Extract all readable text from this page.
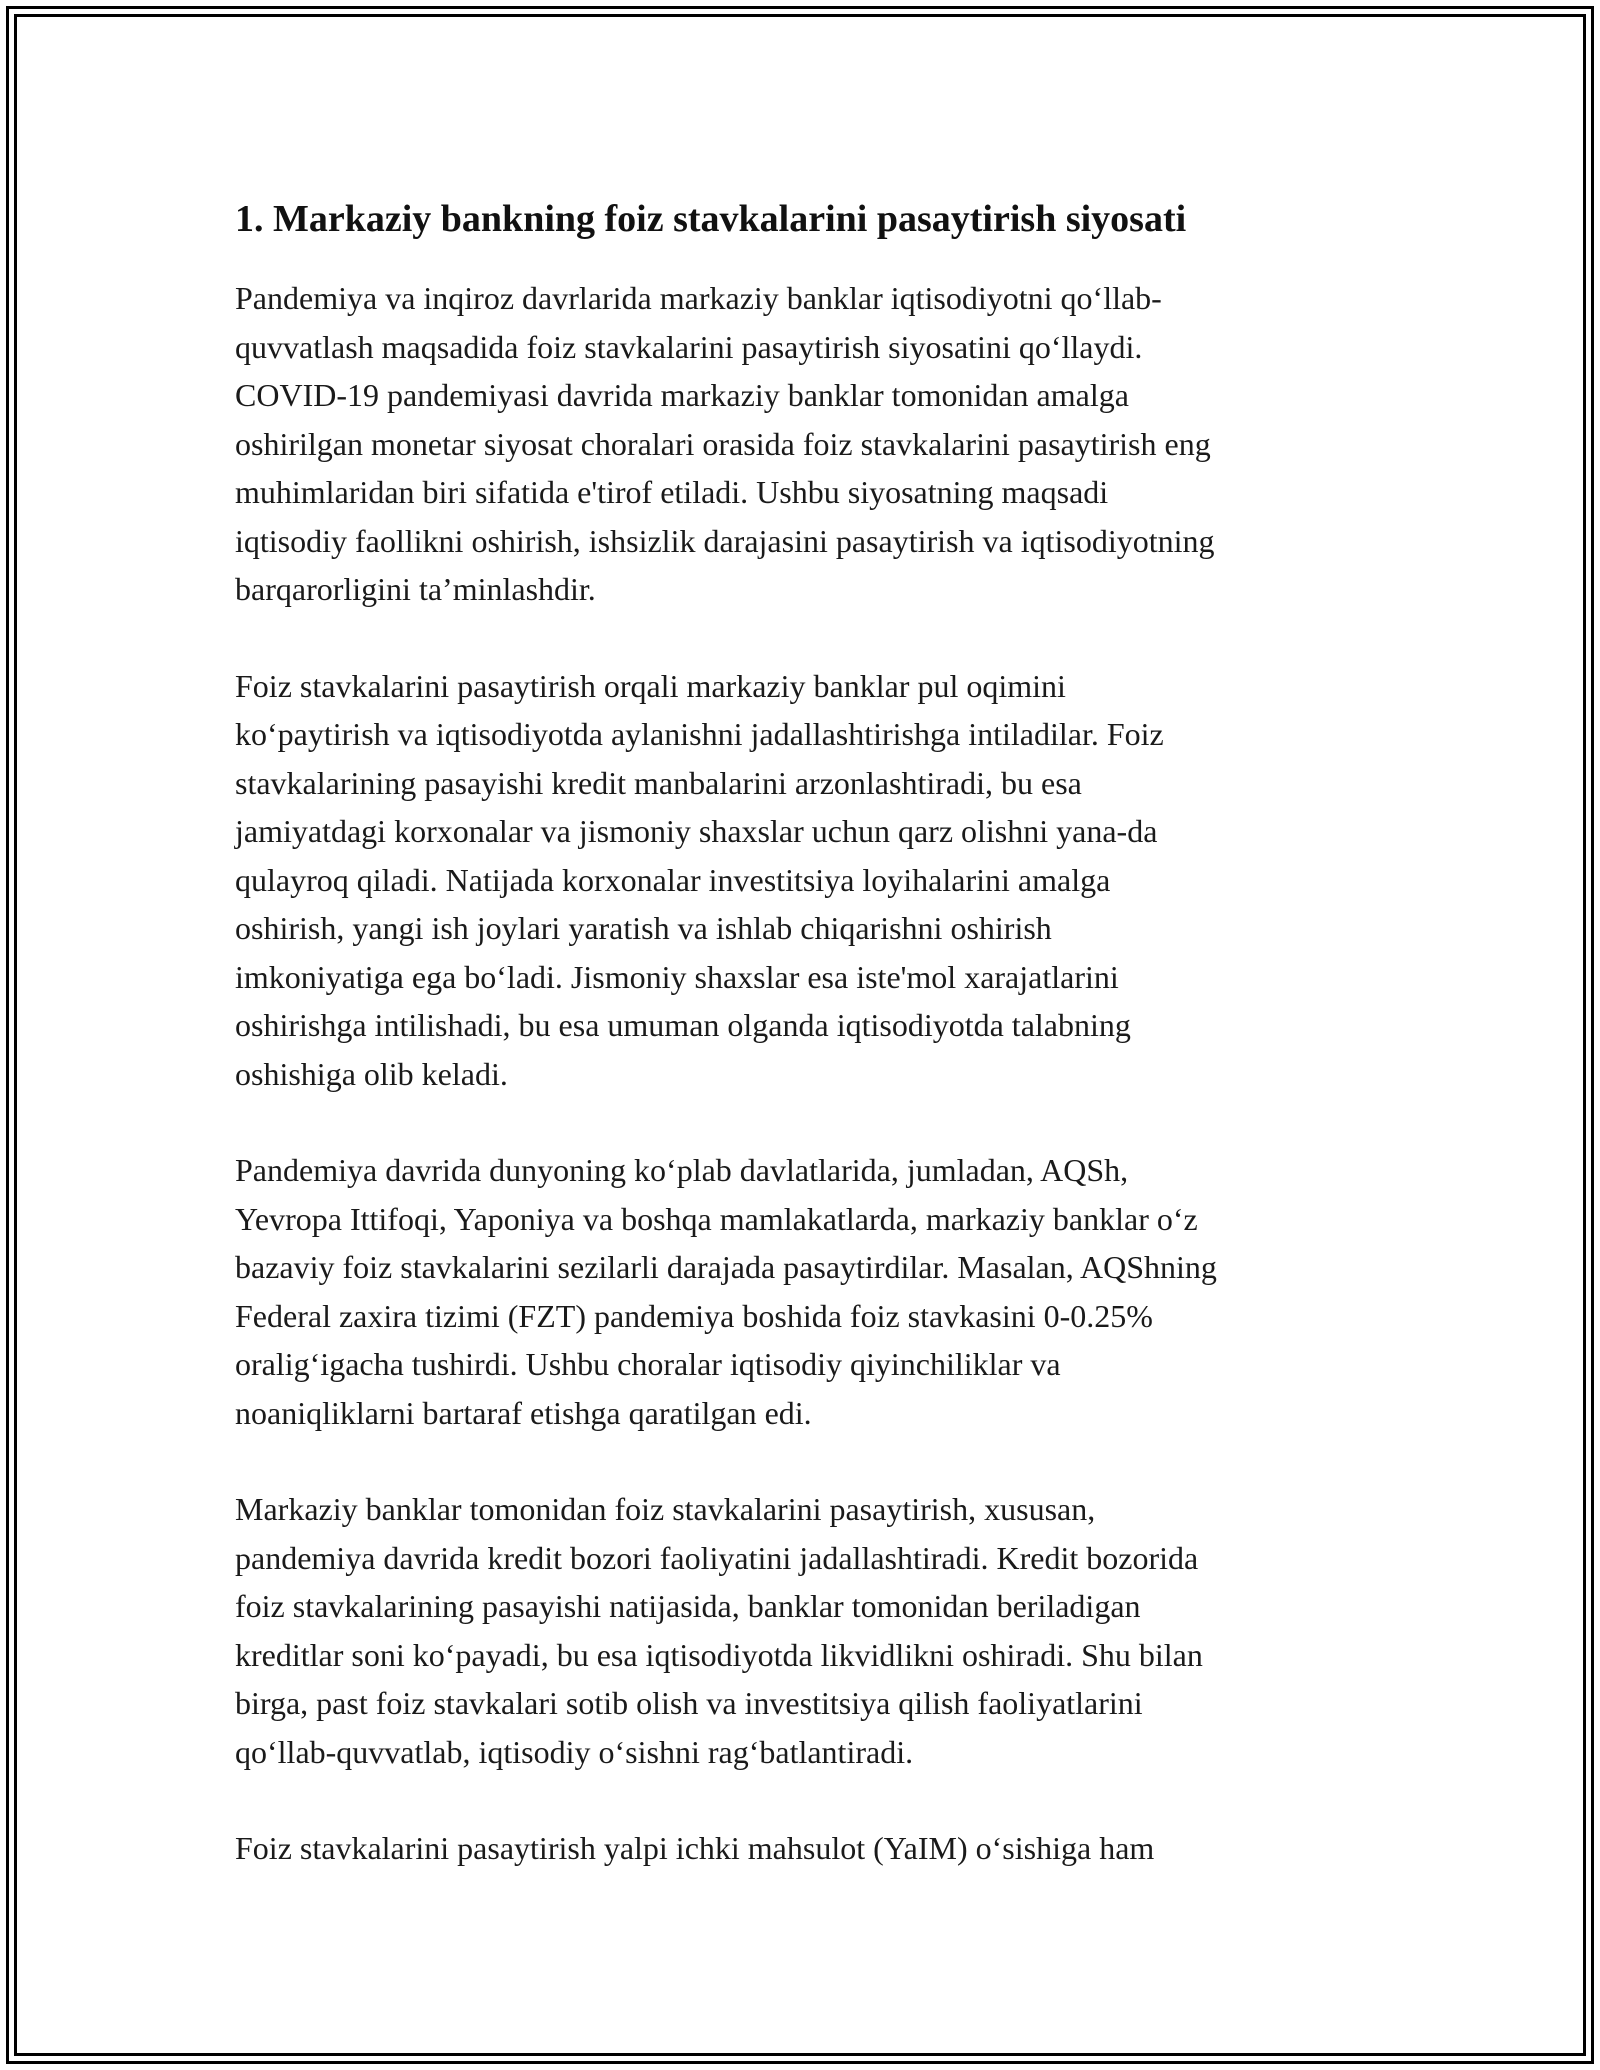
1. Markaziy bankning foiz stavkalarini pasaytirish siyosati
Pandemiya va inqiroz davrlarida markaziy banklar iqtisodiyotni qo‘llab-
quvvatlash maqsadida foiz stavkalarini pasaytirish siyosatini qo‘llaydi.
COVID-19 pandemiyasi davrida markaziy banklar tomonidan amalga
oshirilgan monetar siyosat choralari orasida foiz stavkalarini pasaytirish eng
muhimlaridan biri sifatida e'tirof etiladi. Ushbu siyosatning maqsadi
iqtisodiy faollikni oshirish, ishsizlik darajasini pasaytirish va iqtisodiyotning
barqarorligini ta’minlashdir.
Foiz stavkalarini pasaytirish orqali markaziy banklar pul oqimini
ko‘paytirish va iqtisodiyotda aylanishni jadallashtirishga intiladilar. Foiz
stavkalarining pasayishi kredit manbalarini arzonlashtiradi, bu esa
jamiyatdagi korxonalar va jismoniy shaxslar uchun qarz olishni yana-da
qulayroq qiladi. Natijada korxonalar investitsiya loyihalarini amalga
oshirish, yangi ish joylari yaratish va ishlab chiqarishni oshirish
imkoniyatiga ega bo‘ladi. Jismoniy shaxslar esa iste'mol xarajatlarini
oshirishga intilishadi, bu esa umuman olganda iqtisodiyotda talabning
oshishiga olib keladi.
Pandemiya davrida dunyoning ko‘plab davlatlarida, jumladan, AQSh,
Yevropa Ittifoqi, Yaponiya va boshqa mamlakatlarda, markaziy banklar o‘z
bazaviy foiz stavkalarini sezilarli darajada pasaytirdilar. Masalan, AQShning
Federal zaxira tizimi (FZT) pandemiya boshida foiz stavkasini 0-0.25%
oralig‘igacha tushirdi. Ushbu choralar iqtisodiy qiyinchiliklar va
noaniqliklarni bartaraf etishga qaratilgan edi.
Markaziy banklar tomonidan foiz stavkalarini pasaytirish, xususan,
pandemiya davrida kredit bozori faoliyatini jadallashtiradi. Kredit bozorida
foiz stavkalarining pasayishi natijasida, banklar tomonidan beriladigan
kreditlar soni ko‘payadi, bu esa iqtisodiyotda likvidlikni oshiradi. Shu bilan
birga, past foiz stavkalari sotib olish va investitsiya qilish faoliyatlarini
qo‘llab-quvvatlab, iqtisodiy o‘sishni rag‘batlantiradi.
Foiz stavkalarini pasaytirish yalpi ichki mahsulot (YaIM) o‘sishiga ham
